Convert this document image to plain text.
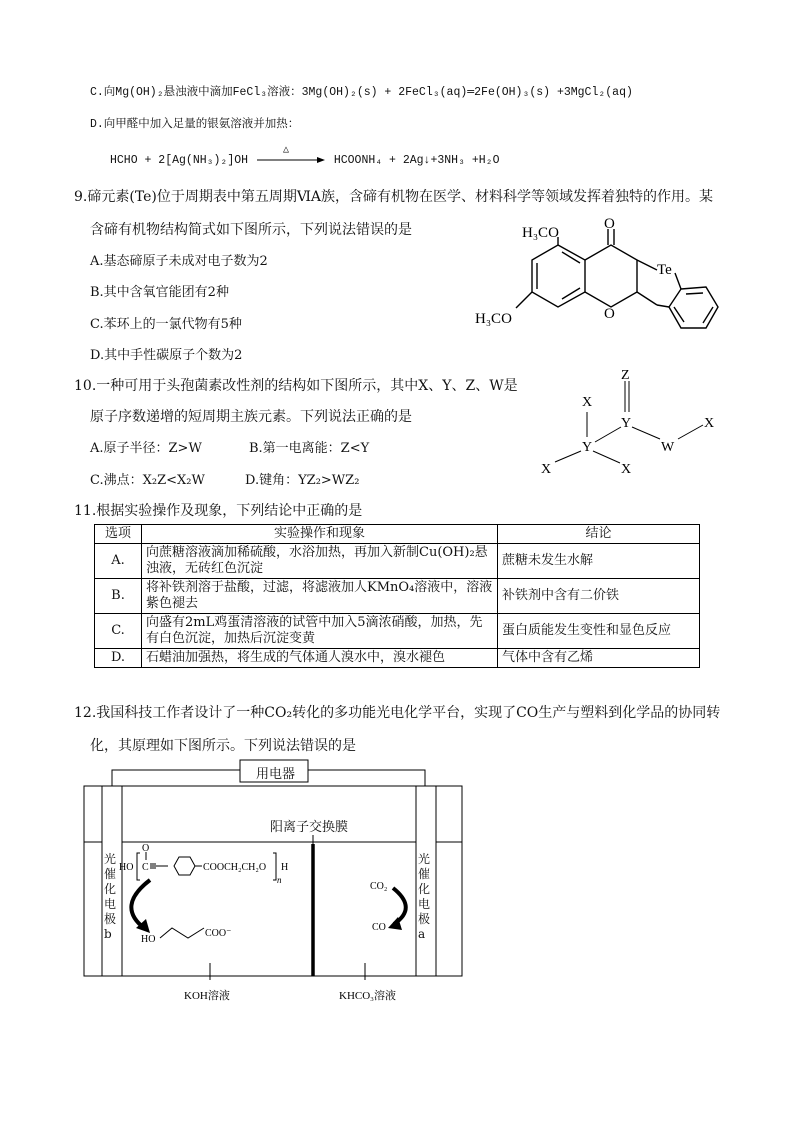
C.向Mg(OH)₂悬浊液中滴加FeCl₃溶液：3Mg(OH)₂(s) + 2FeCl₃(aq)═2Fe(OH)₃(s) +3MgCl₂(aq)
D.向甲醛中加入足量的银氨溶液并加热：
HCHO + 2[Ag(NH₃)₂]OH
△
HCOONH₄ + 2Ag↓+3NH₃ +H₂O
9.碲元素(Te)位于周期表中第五周期ⅥA族，含碲有机物在医学、材料科学等领域发挥着独特的作用。某
含碲有机物结构简式如下图所示，下列说法错误的是
A.基态碲原子未成对电子数为2
B.其中含氧官能团有2种
C.苯环上的一氯代物有5种
D.其中手性碳原子个数为2
H₃CO
H₃CO
O
O
Te
10.一种可用于头孢菌素改性剂的结构如下图所示，其中X、Y、Z、W是
原子序数递增的短周期主族元素。下列说法正确的是
A.原子半径：Z>W	B.第一电离能：Z<Y
C.沸点：X₂Z<X₂W	D.键角：YZ₂>WZ₂
Z
X
Y
Y	W
X
X	X
11.根据实验操作及现象，下列结论中正确的是
选项	实验操作和现象	结论
A.	向蔗糖溶液滴加稀硫酸，水浴加热，再加入新制Cu(OH)₂悬浊液，无砖红色沉淀	蔗糖未发生水解
B.	将补铁剂溶于盐酸，过滤，将滤液加人KMnO₄溶液中，溶液紫色褪去	补铁剂中含有二价铁
C.	向盛有2mL鸡蛋清溶液的试管中加入5滴浓硝酸，加热，先有白色沉淀，加热后沉淀变黄	蛋白质能发生变性和显色反应
D.	石蜡油加强热，将生成的气体通人溴水中，溴水褪色	气体中含有乙烯
12.我国科技工作者设计了一种CO₂转化的多功能光电化学平台，实现了CO生产与塑料到化学品的协同转
化，其原理如下图所示。下列说法错误的是
HO C
O
COOCH₂CH₂O
n
H
HO
COO⁻
CO₂
CO
KOH溶液	KHCO₃溶液
用电器
阳离子交换膜
光催化电极b
光催化电极a
